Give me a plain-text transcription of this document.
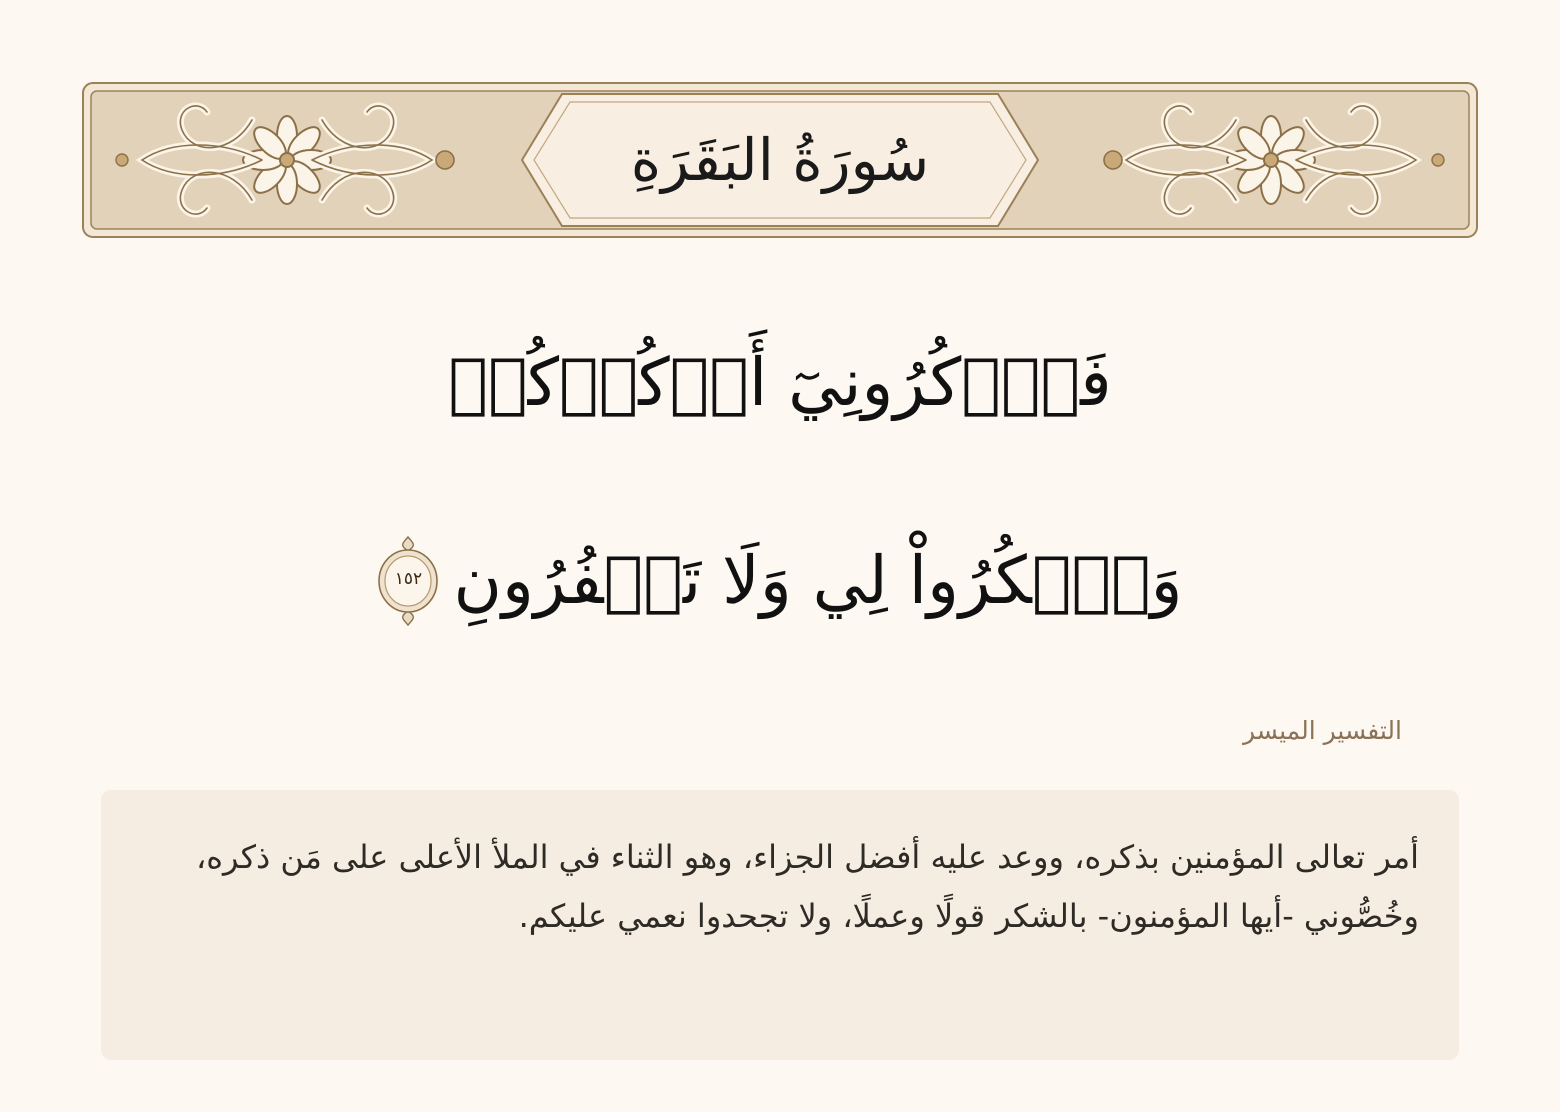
سُورَةُ البَقَرَةِ
فَٱذۡكُرُونِيٓ أَذۡكُرۡكُمۡ
وَٱشۡكُرُواْ لِي وَلَا تَكۡفُرُونِ
١٥٢
التفسير الميسر
أمر تعالى المؤمنين بذكره، ووعد عليه أفضل الجزاء، وهو الثناء في الملأ الأعلى على مَن ذكره، وخُصُّوني -أيها المؤمنون- بالشكر قولًا وعملًا، ولا تجحدوا نعمي عليكم.
